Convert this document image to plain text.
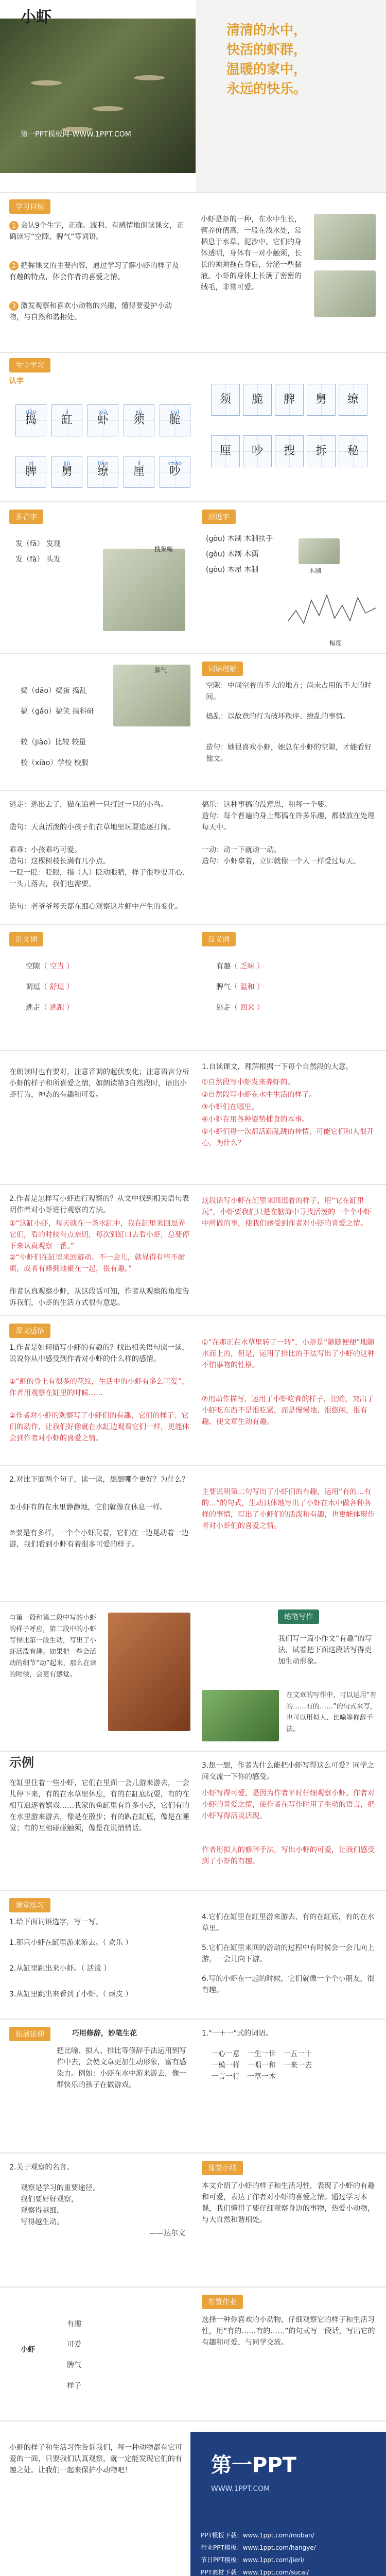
小虾
第一PPT模板网-WWW.1PPT.COM
清清的水中，
快活的虾群，
温暖的家中，
永远的快乐。
学习目标
1 会认9个生字，正确、流利、有感情地朗读课文，正确读写“空隙、脾气”等词语。
2 把握课文的主要内容，通过学习了解小虾的样子及有趣的特点，体会作者的喜爱之情。
3 激发观察和喜欢小动物的兴趣，懂得要爱护小动物，与自然和谐相处。
小虾是虾的一种，在水中生长，营养价值高，一般在浅水处，常栖息于水草、泥沙中。它们的身体透明，身体有一对小触须，长长的须须拖在身后，分泌一些黏液。小虾的身体上长满了密密的绒毛，非常可爱。
生字学习
认字
dǎo
捣
jī
缸
xiā
虾
xù
须
cuì
脆
pí
脾
jiù
舅
liáo
缭
lí
厘
chǎo
吵
须	脆	脾	舅	缭
厘	吵	搜	拆	秘
多音字
发（fā） 发现
发（fà） 头发
搜集嘴
形近字
(ɡòu) 木制 木制扶手
(gòu) 木制 木偶
(ɡòu) 木屋 木制	木制
幅度
捣（dǎo）捣蛋 捣乱
搞（ɡǎo）搞笑 搞科研
较（jiào）比较 较量
校（xiào）学校 校服
脾气	词语理解
空隙：中间空着的不大的地方；尚未占用的不大的时间。
捣乱：以故意的行为破坏秩序、缭乱的事情。
造句：她很喜欢小虾，她总在小虾的空隙，才能看好他文。
逃走：逃出去了，猫在追着一只打过一只的小鸟。
造句：天真活泼的小孩子们在草地里玩耍追逐打闹。
乖乖：小孩乖巧可爱。
造句：这棵树枝长满有几小点。
一眨一眨：眨眼，指（人）眨动眼睛，样子很吵耍开心、一头儿落去，我们也需要。
造句：老爷爷每天都在细心观察这片虾中产生的变化。
搞乐：这种事搞的没意思，和每一个要。
造句：每个普遍的身上都搞在许多乐趣，都被放在处理每天中。
一动：动一下就动一动。
造句：小虾拿着，立即就像一个人一样受过每天。
近义词
空隙（ 空当 ）
调逗（ 舒逗 ）
逃走（ 逃跑 ）
反义词
有趣（ 乏味 ）
脾气（ 温和 ）
逃走（ 回来 ）
在朗读时也有要对，注意音调的起伏变化；注意语言分析小虾的样子和所喜爱之情，如朗读第3自然段时，语出小虾行为，神态的有趣和可爱。
1.自读课文，理解根据一下每个自然段的大意。
①自然段写小虾发来养虾的。
②自然段写小虾在水中生活的样子。
③小虾们在哪里。
④小虾在用各种姿势捕食的本事。
⑤小虾们每一次都活蹦乱跳的神情，可能它们和人很开心，为什么？
2.作者是怎样写小虾进行观察的？从文中找到相关语句表明作者对小虾进行观察的方法。
①“这缸小虾，每天就在一条水缸中，我在缸里来回逗弄它们，看的时候有点亲切，每次到缸口去看小虾，总要停下来认真观察一番。”
②“小虾们在缸里来回游动、不一会儿，就显得有些不耐烦，或者有蜂拥地聚在一起，很有趣。”
作者认真观察小虾，从这段话可知，作者从观察的角度告诉我们，小虾的生活方式很有意思。
这段话写小虾在缸里来回逗着的样子，用“它在缸里玩”，小虾要我们只是在脑海中寻找活泼的一个个小虾中所做的事，使我们感受到作者对小虾的喜爱之情。
课文感悟
1.作者是如何描写小虾的有趣的？找出相关语句读一读，说说你从中感受到作者对小虾的什么样的感情。
①“虾的身上有很多的花纹，生活中的小虾有多么可爱”，作者用观察在缸里的时候……
②作者对小虾的观察写了小虾们的有趣，它们的样子、它们的动作，让我们好像就在水缸边观看它们一样，更能体会到作者对小虾的喜爱之情。
①“在那正在水草里转了一转”，小虾是“随随便便”地随水而上的，但是，运用了排比的手法写出了小虾的这种不怕事物的性格。
②用动作描写，运用了小虾吃食的样子，比喻，突出了小虾吃东西不是很吃紧，而是慢慢地、很悠闲，很有趣，使文章生动有趣。
2.对比下面两个句子，读一读，想想哪个更好？为什么？
①小虾有的在水里静静地，它们就像在休息一样。
②要是有多样，一个个小虾爬着，它们在一边晃动着一边游，我们看到小虾有着很多可爱的样子。
主要说明第二句写出了小虾们的有趣，运用“有的…有的…”的句式，生动具体地写出了小虾在水中做各种各样的事情，写出了小虾们的活泼和有趣，也更能体现作者对小虾们的喜爱之情。
与第一段和第二段中写的小虾的样子呼应，第二段中的小虾写得比第一段生动，写出了小虾活泼有趣。如果把一些会活动的细节“动”起来，那么在读的时候，会更有感觉。
练笔写作
我们写一篇小作文“有趣”的写法，试着把下面这段话写得更加生动形象。
在文章的写作中，可以运用“有的……有的……”的句式来写，也可以用拟人、比喻等修辞手法。
示例
在缸里住着一些小虾，它们在里面一会儿游来游去，一会儿停下来，有的在水草里休息，有的在缸底玩耍，有的在相互追逐着嬉戏……我家的鱼缸里有许多小虾，它们有的在水里游来游去，像是在散步；有的趴在缸底，像是在睡觉；有的互相碰碰触须，像是在说悄悄话。
3.想一想，作者为什么能把小虾写得这么可爱？同学之间交流一下你的感受。
小虾写得可爱，是因为作者平时仔细观察小虾。作者对小虾的喜爱之情，使作者在写作时用了生动的语言，把小虾写得活灵活现。
作者用拟人的修辞手法，写出小虾的可爱，让我们感受到了小虾的有趣。
课堂练习
1.给下面词语选字，写一写。
1.那只小虾在缸里游来游去。（ 欢乐 ）
2.从缸里跳出来小虾。（ 活泼 ）
3.从缸里跳出来看到了小虾。（ 顽皮 ）
4.它们在缸里在缸里游来游去，有的在缸底，有的在水草里。
5.它们在缸里来回的游动的过程中有时候会一会儿向上游，一会儿向下游。
6.写的小虾在一起的时候，它们就像一个个小朋友，很有趣。
拓展延伸	巧用修辞，妙笔生花
把比喻、拟人、排比等修辞手法运用到写作中去，会使文章更加生动形象，富有感染力。例如：小虾在水中游来游去，像一群快乐的孩子在做游戏。
1."一＋一"式的词语。
一心一意　 一生一世　 一五一十
一模一样　 一唱一和　 一来一去
一言一行　 一草一木
2.关于观察的名言。
观察是学习的重要途径。
我们要好好观察，
观察得越细，
写得越生动。
——达尔文
课堂小结
本文介绍了小虾的样子和生活习性，表现了小虾的有趣和可爱，表达了作者对小虾的喜爱之情。通过学习本课，我们懂得了要仔细观察身边的事物，热爱小动物，与大自然和谐相处。
小虾
有趣
可爱
脾气
样子
布置作业
选择一种你喜欢的小动物，仔细观察它的样子和生活习性，用“有的……有的……”的句式写一段话，写出它的有趣和可爱，与同学交流。
小虾的样子和生活习性告诉我们，每一种动物都有它可爱的一面，只要我们认真观察，就一定能发现它们的有趣之处。让我们一起来保护小动物吧！	第一PPT
WWW.1PPT.COM
PPT模板下载：www.1ppt.com/moban/
行业PPT模板：www.1ppt.com/hangye/
节日PPT模板：www.1ppt.com/jieri/
PPT素材下载：www.1ppt.com/sucai/
